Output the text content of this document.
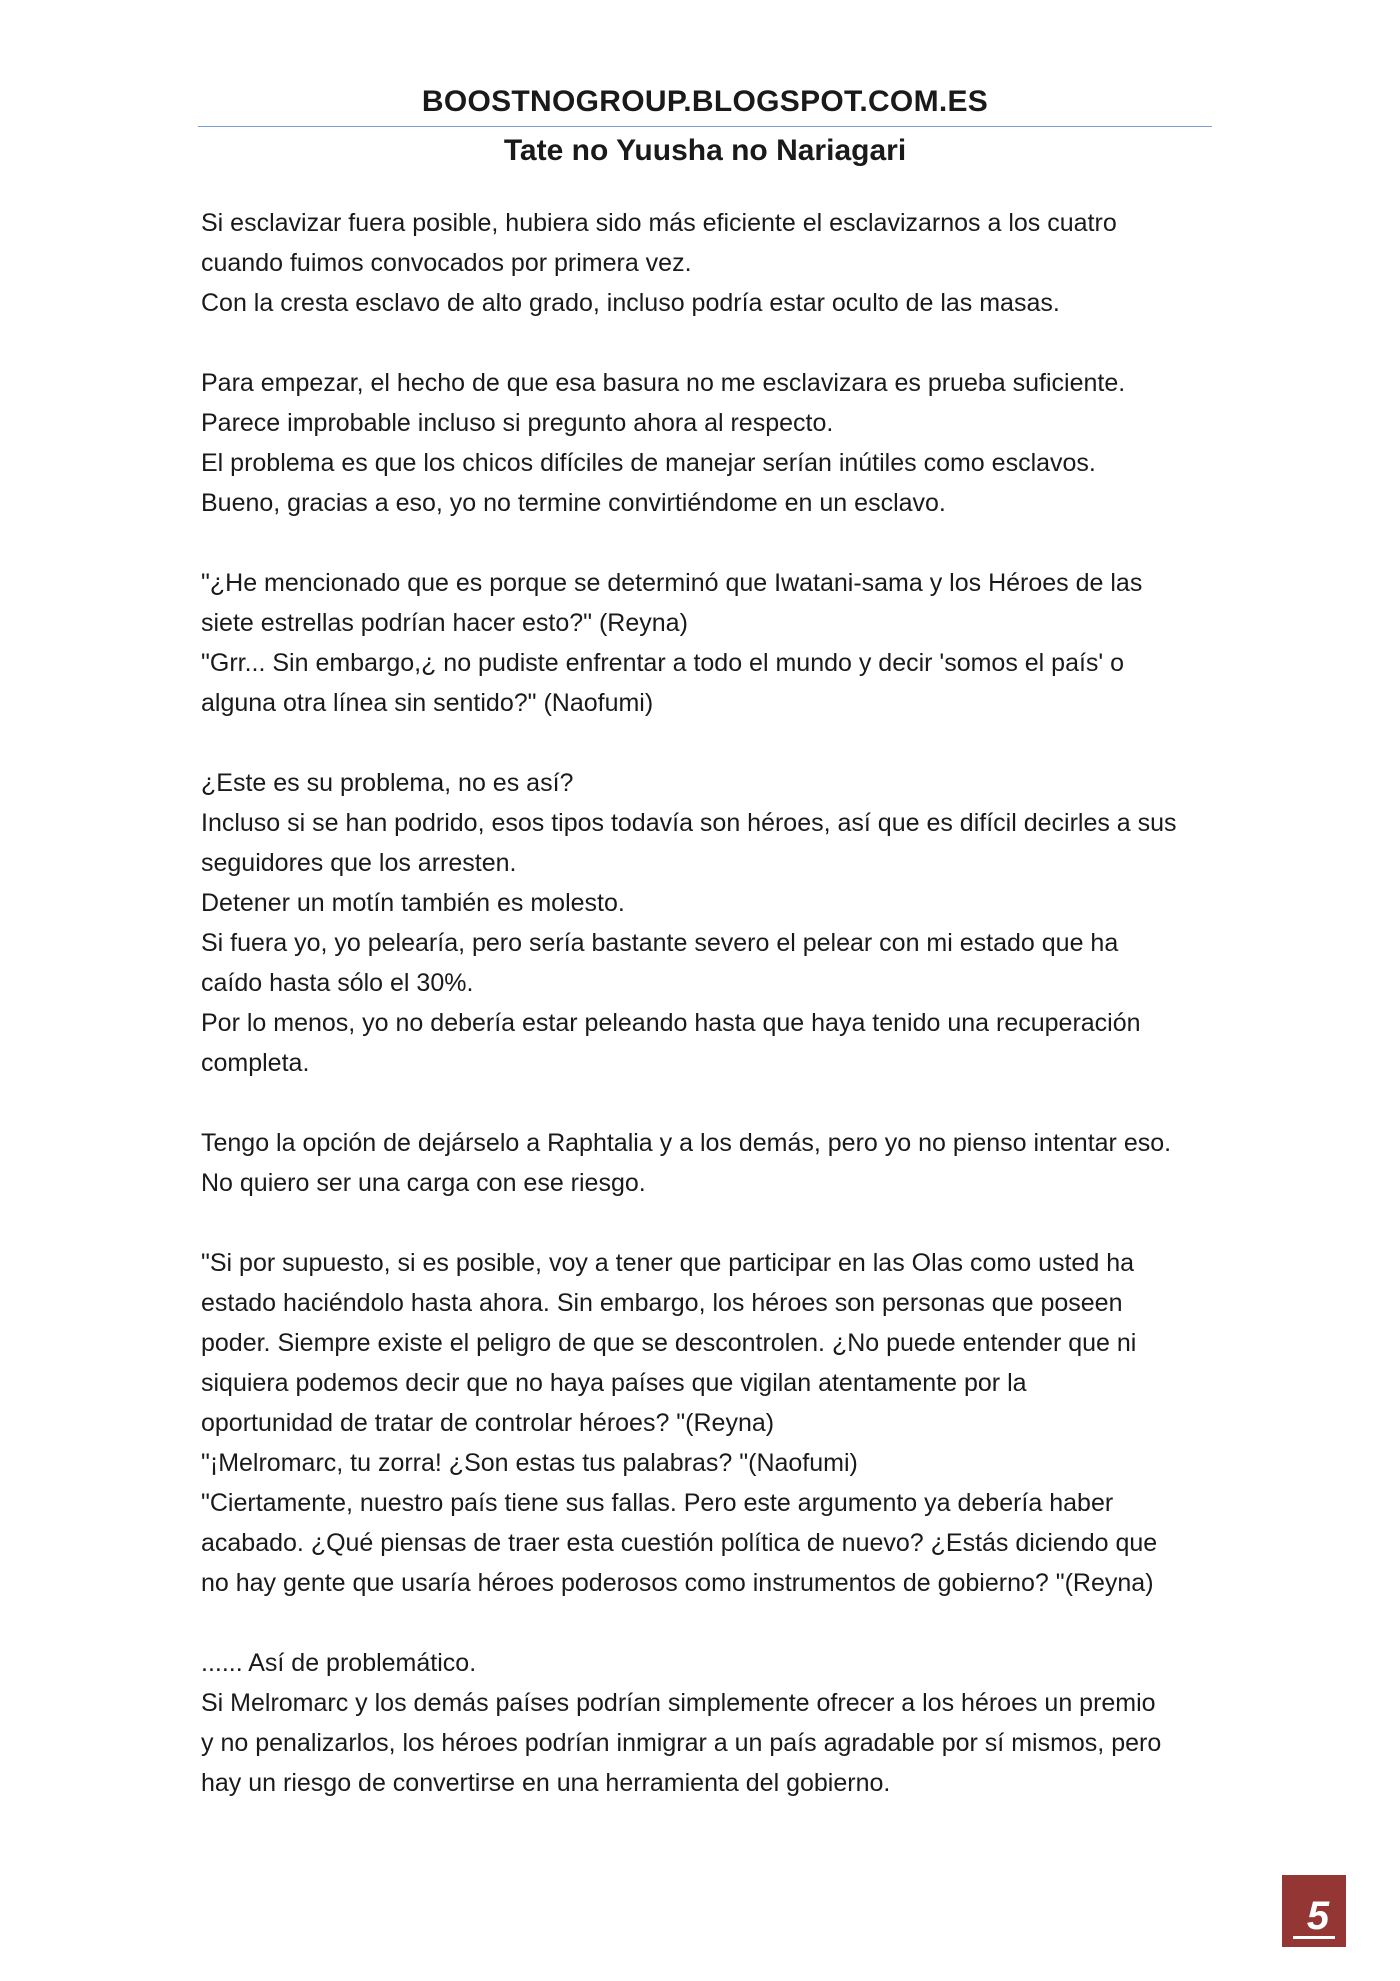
BOOSTNOGROUP.BLOGSPOT.COM.ES
Tate no Yuusha no Nariagari
Si esclavizar fuera posible, hubiera sido más eficiente el esclavizarnos a los cuatro
cuando fuimos convocados por primera vez.
Con la cresta esclavo de alto grado, incluso podría estar oculto de las masas.
Para empezar, el hecho de que esa basura no me esclavizara es prueba suficiente.
Parece improbable incluso si pregunto ahora al respecto.
El problema es que los chicos difíciles de manejar serían inútiles como esclavos.
Bueno, gracias a eso, yo no termine convirtiéndome en un esclavo.
"¿He mencionado que es porque se determinó que Iwatani-sama y los Héroes de las
siete estrellas podrían hacer esto?" (Reyna)
"Grr... Sin embargo,¿ no pudiste enfrentar a todo el mundo y decir 'somos el país' o
alguna otra línea sin sentido?" (Naofumi)
¿Este es su problema, no es así?
Incluso si se han podrido, esos tipos todavía son héroes, así que es difícil decirles a sus
seguidores que los arresten.
Detener un motín también es molesto.
Si fuera yo, yo pelearía, pero sería bastante severo el pelear con mi estado que ha
caído hasta sólo el 30%.
Por lo menos, yo no debería estar peleando hasta que haya tenido una recuperación
completa.
Tengo la opción de dejárselo a Raphtalia y a los demás, pero yo no pienso intentar eso.
No quiero ser una carga con ese riesgo.
"Si por supuesto, si es posible, voy a tener que participar en las Olas como usted ha
estado haciéndolo hasta ahora. Sin embargo, los héroes son personas que poseen
poder. Siempre existe el peligro de que se descontrolen. ¿No puede entender que ni
siquiera podemos decir que no haya países que vigilan atentamente por la
oportunidad de tratar de controlar héroes? "(Reyna)
"¡Melromarc, tu zorra! ¿Son estas tus palabras? "(Naofumi)
"Ciertamente, nuestro país tiene sus fallas. Pero este argumento ya debería haber
acabado. ¿Qué piensas de traer esta cuestión política de nuevo? ¿Estás diciendo que
no hay gente que usaría héroes poderosos como instrumentos de gobierno? "(Reyna)
...... Así de problemático.
Si Melromarc y los demás países podrían simplemente ofrecer a los héroes un premio
y no penalizarlos, los héroes podrían inmigrar a un país agradable por sí mismos, pero
hay un riesgo de convertirse en una herramienta del gobierno.
5
